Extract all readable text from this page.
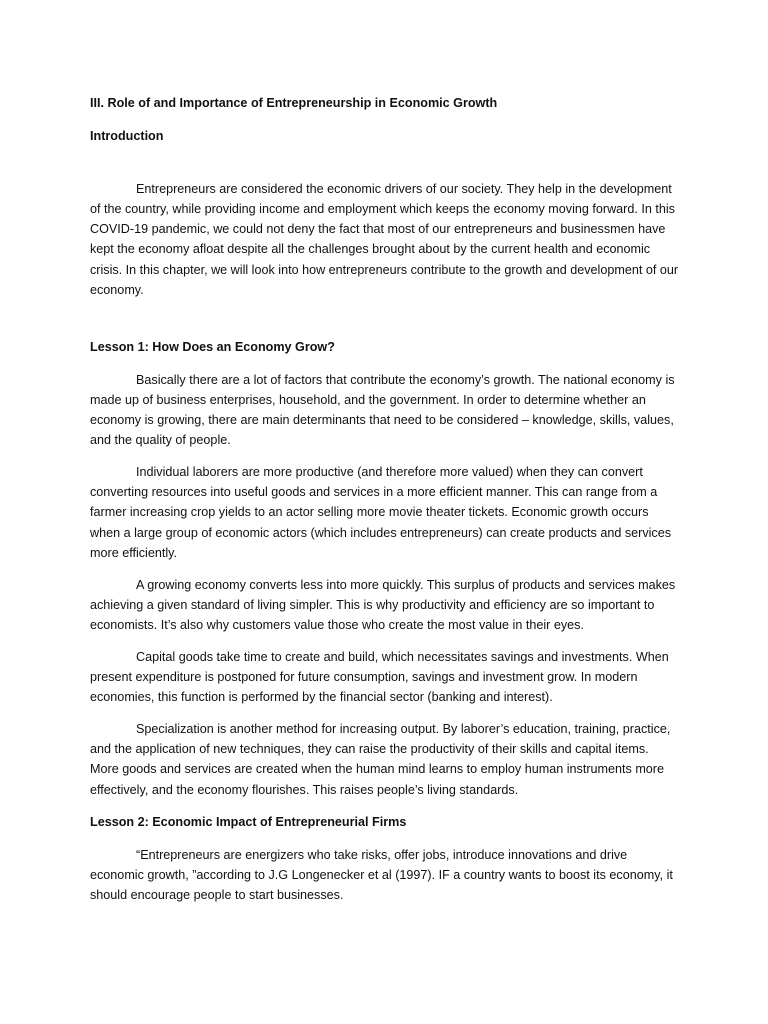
III. Role of and Importance of Entrepreneurship in Economic Growth

Introduction

Entrepreneurs are considered the economic drivers of our society. They help in the development of the country, while providing income and employment which keeps the economy moving forward. In this COVID-19 pandemic, we could not deny the fact that most of our entrepreneurs and businessmen have kept the economy afloat despite all the challenges brought about by the current health and economic crisis. In this chapter, we will look into how entrepreneurs contribute to the growth and development of our economy.

Lesson 1: How Does an Economy Grow?

Basically there are a lot of factors that contribute the economy’s growth. The national economy is made up of business enterprises, household, and the government. In order to determine whether an economy is growing, there are main determinants that need to be considered – knowledge, skills, values, and the quality of people.

Individual laborers are more productive (and therefore more valued) when they can convert converting resources into useful goods and services in a more efficient manner. This can range from a farmer increasing crop yields to an actor selling more movie theater tickets. Economic growth occurs when a large group of economic actors (which includes entrepreneurs) can create products and services more efficiently.

A growing economy converts less into more quickly. This surplus of products and services makes achieving a given standard of living simpler. This is why productivity and efficiency are so important to economists. It’s also why customers value those who create the most value in their eyes.

Capital goods take time to create and build, which necessitates savings and investments. When present expenditure is postponed for future consumption, savings and investment grow. In modern economies, this function is performed by the financial sector (banking and interest).

Specialization is another method for increasing output. By laborer’s education, training, practice, and the application of new techniques, they can raise the productivity of their skills and capital items. More goods and services are created when the human mind learns to employ human instruments more effectively, and the economy flourishes. This raises people’s living standards.

Lesson 2: Economic Impact of Entrepreneurial Firms

“Entrepreneurs are energizers who take risks, offer jobs, introduce innovations and drive economic growth, ”according to J.G Longenecker et al (1997). IF a country wants to boost its economy, it should encourage people to start businesses.
